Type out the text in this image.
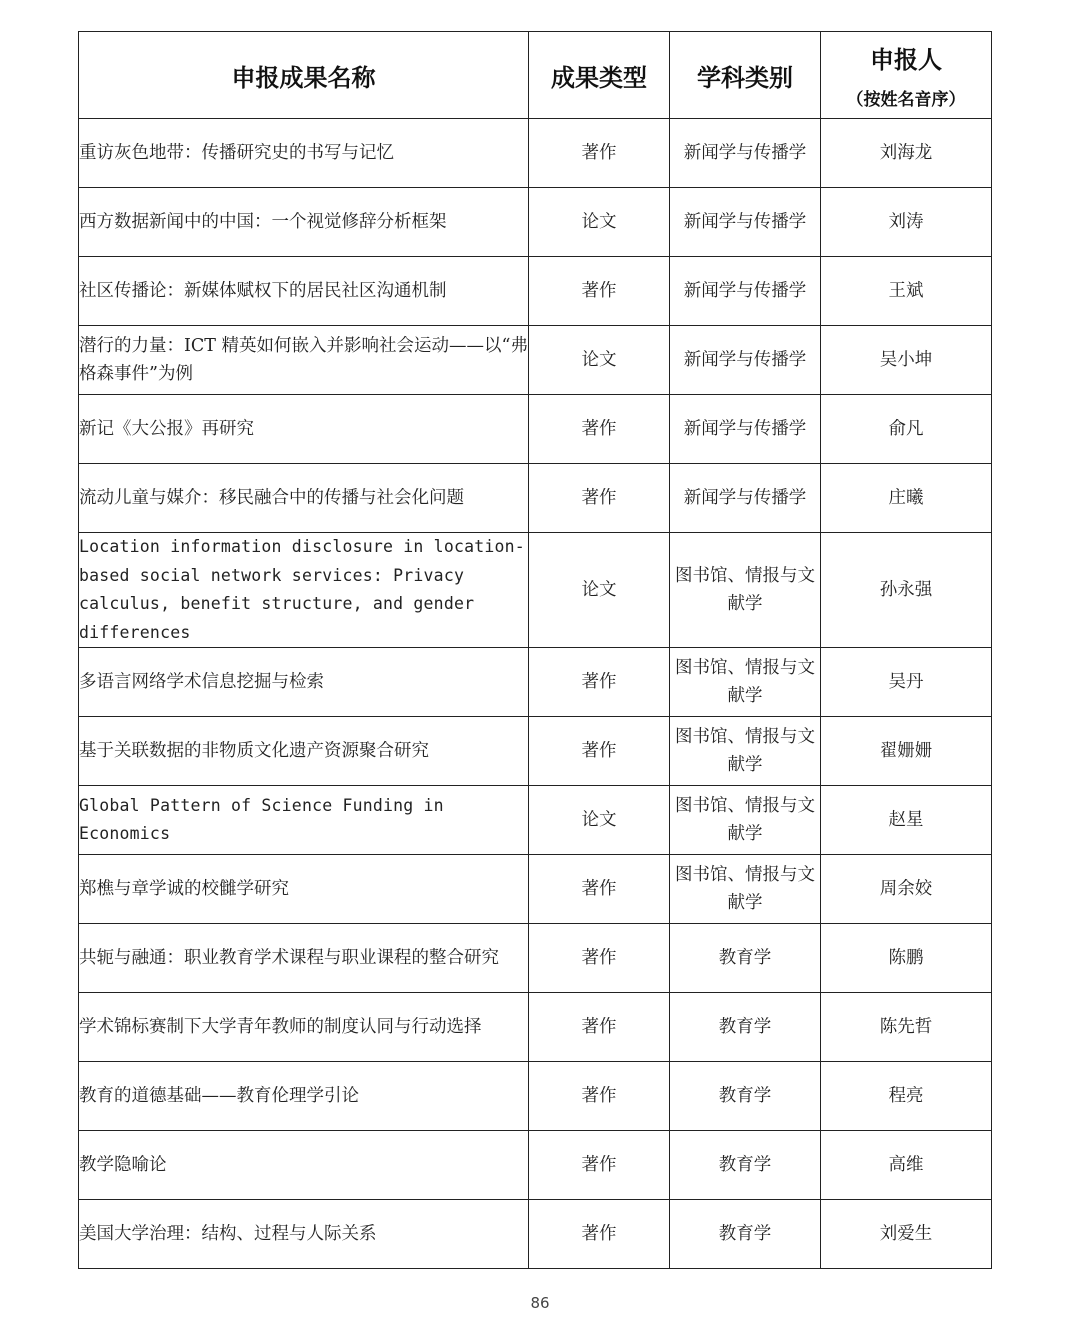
申报成果名称	成果类型	学科类别	申报人
（按姓名音序）

重访灰色地带：传播研究史的书写与记忆	著作	新闻学与传播学	刘海龙
西方数据新闻中的中国：一个视觉修辞分析框架	论文	新闻学与传播学	刘涛
社区传播论：新媒体赋权下的居民社区沟通机制	著作	新闻学与传播学	王斌
潜行的力量：ICT 精英如何嵌入并影响社会运动——以“弗格森事件”为例	论文	新闻学与传播学	吴小坤
新记《大公报》再研究	著作	新闻学与传播学	俞凡
流动儿童与媒介：移民融合中的传播与社会化问题	著作	新闻学与传播学	庄曦
Location information disclosure in location-based social network services: Privacy calculus, benefit structure, and gender differences	论文	图书馆、情报与文献学	孙永强
多语言网络学术信息挖掘与检索	著作	图书馆、情报与文献学	吴丹
基于关联数据的非物质文化遗产资源聚合研究	著作	图书馆、情报与文献学	翟姗姗
Global Pattern of Science Funding in Economics	论文	图书馆、情报与文献学	赵星
郑樵与章学诚的校雠学研究	著作	图书馆、情报与文献学	周余姣
共轭与融通：职业教育学术课程与职业课程的整合研究	著作	教育学	陈鹏
学术锦标赛制下大学青年教师的制度认同与行动选择	著作	教育学	陈先哲
教育的道德基础——教育伦理学引论	著作	教育学	程亮
教学隐喻论	著作	教育学	高维
美国大学治理：结构、过程与人际关系	著作	教育学	刘爱生
86
